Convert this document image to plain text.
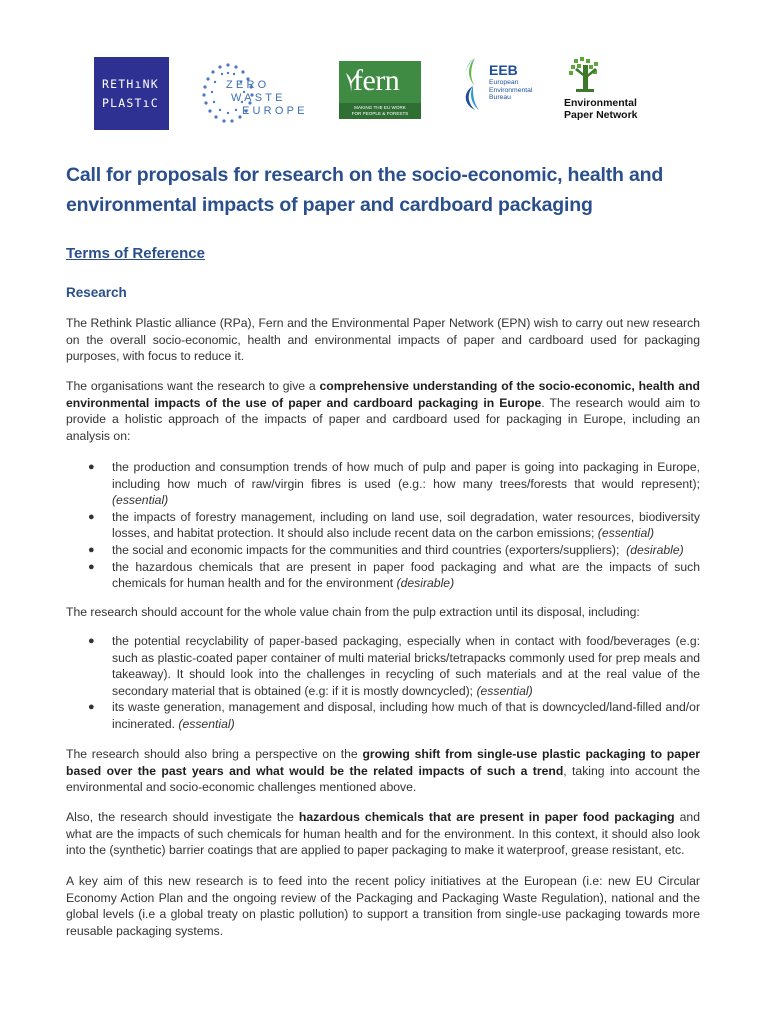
RETHıNK
PLASTıC
ZERO
WASTE
EUROPE
fern
MAKING THE EU WORK
FOR PEOPLE & FORESTS
EEB
European
Environmental
Bureau	Environmental
Paper Network
Call for proposals for research on the socio-economic, health and environmental impacts of paper and cardboard packaging
Terms of Reference
Research

The Rethink Plastic alliance (RPa), Fern and the Environmental Paper Network (EPN) wish to carry out new research on the overall socio-economic, health and environmental impacts of paper and cardboard used for packaging purposes, with focus to reduce it.

The organisations want the research to give a comprehensive understanding of the socio-economic, health and environmental impacts of the use of paper and cardboard packaging in Europe. The research would aim to provide a holistic approach of the impacts of paper and cardboard used for packaging in Europe, including an analysis on:

● the production and consumption trends of how much of pulp and paper is going into packaging in Europe, including how much of raw/virgin fibres is used (e.g.: how many trees/forests that would represent); (essential)
● the impacts of forestry management, including on land use, soil degradation, water resources, biodiversity losses, and habitat protection. It should also include recent data on the carbon emissions; (essential)
● the social and economic impacts for the communities and third countries (exporters/suppliers); (desirable)
● the hazardous chemicals that are present in paper food packaging and what are the impacts of such chemicals for human health and for the environment (desirable)

The research should account for the whole value chain from the pulp extraction until its disposal, including:

● the potential recyclability of paper-based packaging, especially when in contact with food/beverages (e.g: such as plastic-coated paper container of multi material bricks/tetrapacks commonly used for prep meals and takeaway). It should look into the challenges in recycling of such materials and at the real value of the secondary material that is obtained (e.g: if it is mostly downcycled); (essential)
● its waste generation, management and disposal, including how much of that is downcycled/land-filled and/or incinerated. (essential)

The research should also bring a perspective on the growing shift from single-use plastic packaging to paper based over the past years and what would be the related impacts of such a trend, taking into account the environmental and socio-economic challenges mentioned above.

Also, the research should investigate the hazardous chemicals that are present in paper food packaging and what are the impacts of such chemicals for human health and for the environment. In this context, it should also look into the (synthetic) barrier coatings that are applied to paper packaging to make it waterproof, grease resistant, etc.

A key aim of this new research is to feed into the recent policy initiatives at the European (i.e: new EU Circular Economy Action Plan and the ongoing review of the Packaging and Packaging Waste Regulation), national and the global levels (i.e a global treaty on plastic pollution) to support a transition from single-use packaging towards more reusable packaging systems.
